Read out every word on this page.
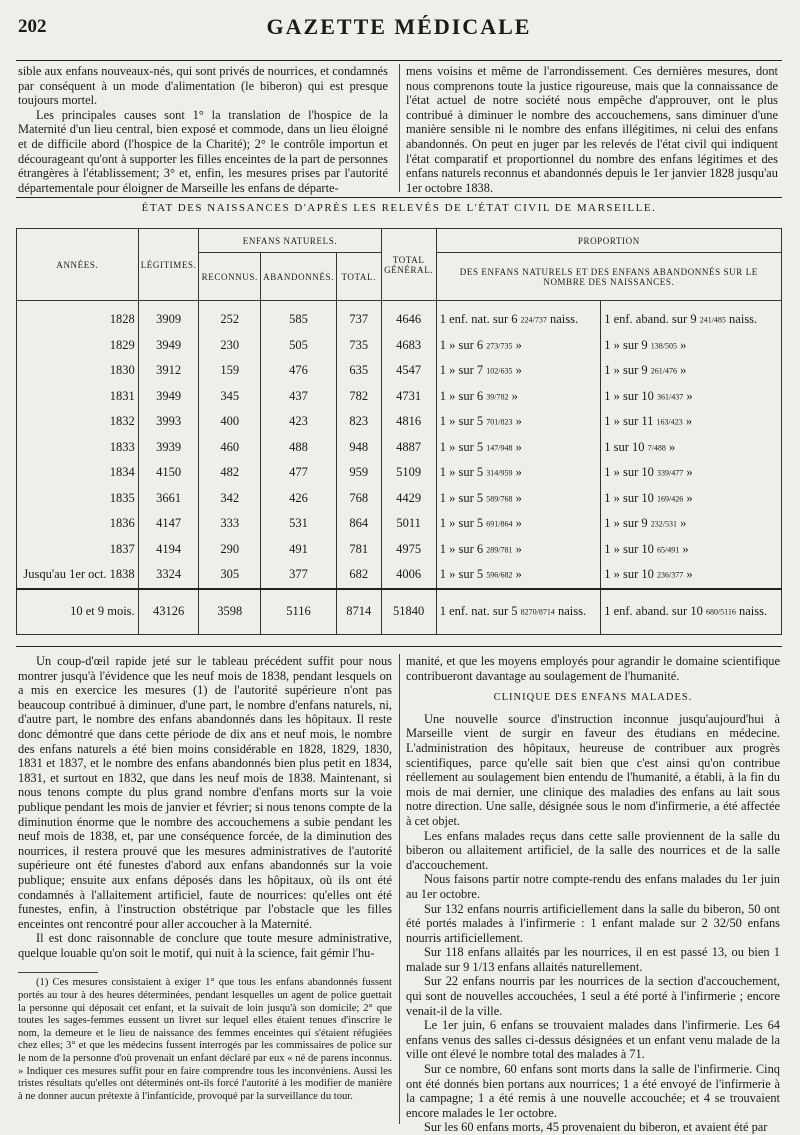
202	GAZETTE MÉDICALE

sible aux enfans nouveaux-nés, qui sont privés de nourrices, et condamnés par conséquent à un mode d'alimentation (le biberon) qui est presque toujours mortel.

Les principales causes sont 1° la translation de l'hospice de la Maternité d'un lieu central, bien exposé et commode, dans un lieu éloigné et de difficile abord (l'hospice de la Charité); 2° le contrôle importun et décourageant qu'ont à supporter les filles enceintes de la part de personnes étrangères à l'établissement; 3° et, enfin, les mesures prises par l'autorité départementale pour éloigner de Marseille les enfans de départe-

mens voisins et même de l'arrondissement. Ces dernières mesures, dont nous comprenons toute la justice rigoureuse, mais que la connaissance de l'état actuel de notre société nous empêche d'approuver, ont le plus contribué à diminuer le nombre des accouchemens, sans diminuer d'une manière sensible ni le nombre des enfans illégitimes, ni celui des enfans abandonnés. On peut en juger par les relevés de l'état civil qui indiquent l'état comparatif et proportionnel du nombre des enfans légitimes et des enfans naturels reconnus et abandonnés depuis le 1er janvier 1828 jusqu'au 1er octobre 1838.

ÉTAT DES NAISSANCES D'APRÈS LES RELEVÉS DE L'ÉTAT CIVIL DE MARSEILLE.
ANNÉES.	LÉGITIMES.	ENFANS NATURELS.			TOTAL GÉNÉRAL.	PROPORTION	
		RECONNUS.	ABANDONNÉS.	TOTAL.		DES ENFANS NATURELS ET DES ENFANS ABANDONNÉS SUR LE NOMBRE DES NAISSANCES.	
1828	3909	252	585	737	4646	1 enf. nat. sur 6 224/737 naiss.	1 enf. aband. sur 9 241/485 naiss.
1829	3949	230	505	735	4683	1 » sur 6 273/735 »	1 » sur 9 138/505 »
1830	3912	159	476	635	4547	1 » sur 7 102/635 »	1 » sur 9 261/476 »
1831	3949	345	437	782	4731	1 » sur 6 39/782 »	1 » sur 10 361/437 »
1832	3993	400	423	823	4816	1 » sur 5 701/823 »	1 » sur 11 163/423 »
1833	3939	460	488	948	4887	1 » sur 5 147/948 »	1 sur 10 7/488 »
1834	4150	482	477	959	5109	1 » sur 5 314/959 »	1 » sur 10 339/477 »
1835	3661	342	426	768	4429	1 » sur 5 589/768 »	1 » sur 10 169/426 »
1836	4147	333	531	864	5011	1 » sur 5 691/864 »	1 » sur 9 232/531 »
1837	4194	290	491	781	4975	1 » sur 6 289/781 »	1 » sur 10 65/491 »
Jusqu'au 1er oct. 1838	3324	305	377	682	4006	1 » sur 5 596/682 »	1 » sur 10 236/377 »
10 et 9 mois.	43126	3598	5116	8714	51840	1 enf. nat. sur 5 8270/8714 naiss.	1 enf. aband. sur 10 680/5116 naiss.

Un coup-d'œil rapide jeté sur le tableau précédent suffit pour nous montrer jusqu'à l'évidence que les neuf mois de 1838, pendant lesquels on a mis en exercice les mesures (1) de l'autorité supérieure n'ont pas beaucoup contribué à diminuer, d'une part, le nombre d'enfans naturels, ni, d'autre part, le nombre des enfans abandonnés dans les hôpitaux. Il reste donc démontré que dans cette période de dix ans et neuf mois, le nombre des enfans naturels a été bien moins considérable en 1828, 1829, 1830, 1831 et 1837, et le nombre des enfans abandonnés bien plus petit en 1834, 1831, et surtout en 1832, que dans les neuf mois de 1838. Maintenant, si nous tenons compte du plus grand nombre d'enfans morts sur la voie publique pendant les mois de janvier et février; si nous tenons compte de la diminution énorme que le nombre des accouchemens a subie pendant les neuf mois de 1838, et, par une conséquence forcée, de la diminution des nourrices, il restera prouvé que les mesures administratives de l'autorité supérieure ont été funestes d'abord aux enfans abandonnés sur la voie publique; ensuite aux enfans déposés dans les hôpitaux, où ils ont été condamnés à l'allaitement artificiel, faute de nourrices: qu'elles ont été funestes, enfin, à l'instruction obstétrique par l'obstacle que les filles enceintes ont rencontré pour aller accoucher à la Maternité.

Il est donc raisonnable de conclure que toute mesure administrative, quelque louable qu'on soit le motif, qui nuit à la science, fait gémir l'hu-

(1) Ces mesures consistaient à exiger 1° que tous les enfans abandonnés fussent portés au tour à des heures déterminées, pendant lesquelles un agent de police guettait la personne qui déposait cet enfant, et la suivait de loin jusqu'à son domicile; 2° que toutes les sages-femmes eussent un livret sur lequel elles étaient tenues d'inscrire le nom, la demeure et le lieu de naissance des femmes enceintes qui s'étaient réfugiées chez elles; 3° et que les médecins fussent interrogés par les commissaires de police sur le nom de la personne d'où provenait un enfant déclaré par eux « né de parens inconnus. » Indiquer ces mesures suffit pour en faire comprendre tous les inconvéniens. Aussi les tristes résultats qu'elles ont déterminés ont-ils forcé l'autorité à les modifier de manière à ne donner aucun prétexte à l'infanticide, provoqué par la surveillance du tour.

manité, et que les moyens employés pour agrandir le domaine scientifique contribueront davantage au soulagement de l'humanité.

CLINIQUE DES ENFANS MALADES.

Une nouvelle source d'instruction inconnue jusqu'aujourd'hui à Marseille vient de surgir en faveur des étudians en médecine. L'administration des hôpitaux, heureuse de contribuer aux progrès scientifiques, parce qu'elle sait bien que c'est ainsi qu'on contribue réellement au soulagement bien entendu de l'humanité, a établi, à la fin du mois de mai dernier, une clinique des maladies des enfans au lait sous notre direction. Une salle, désignée sous le nom d'infirmerie, a été affectée à cet objet.

Les enfans malades reçus dans cette salle proviennent de la salle du biberon ou allaitement artificiel, de la salle des nourrices et de la salle d'accouchement.

Nous faisons partir notre compte-rendu des enfans malades du 1er juin au 1er octobre.

Sur 132 enfans nourris artificiellement dans la salle du biberon, 50 ont été portés malades à l'infirmerie : 1 enfant malade sur 2 32/50 enfans nourris artificiellement.

Sur 118 enfans allaités par les nourrices, il en est passé 13, ou bien 1 malade sur 9 1/13 enfans allaités naturellement.

Sur 22 enfans nourris par les nourrices de la section d'accouchement, qui sont de nouvelles accouchées, 1 seul a été porté à l'infirmerie ; encore venait-il de la ville.

Le 1er juin, 6 enfans se trouvaient malades dans l'infirmerie. Les 64 enfans venus des salles ci-dessus désignées et un enfant venu malade de la ville ont élevé le nombre total des malades à 71.

Sur ce nombre, 60 enfans sont morts dans la salle de l'infirmerie. Cinq ont été donnés bien portans aux nourrices; 1 a été envoyé de l'infirmerie à la campagne; 1 a été remis à une nouvelle accouchée; et 4 se trouvaient encore malades le 1er octobre.

Sur les 60 enfans morts, 45 provenaient du biberon, et avaient été par
